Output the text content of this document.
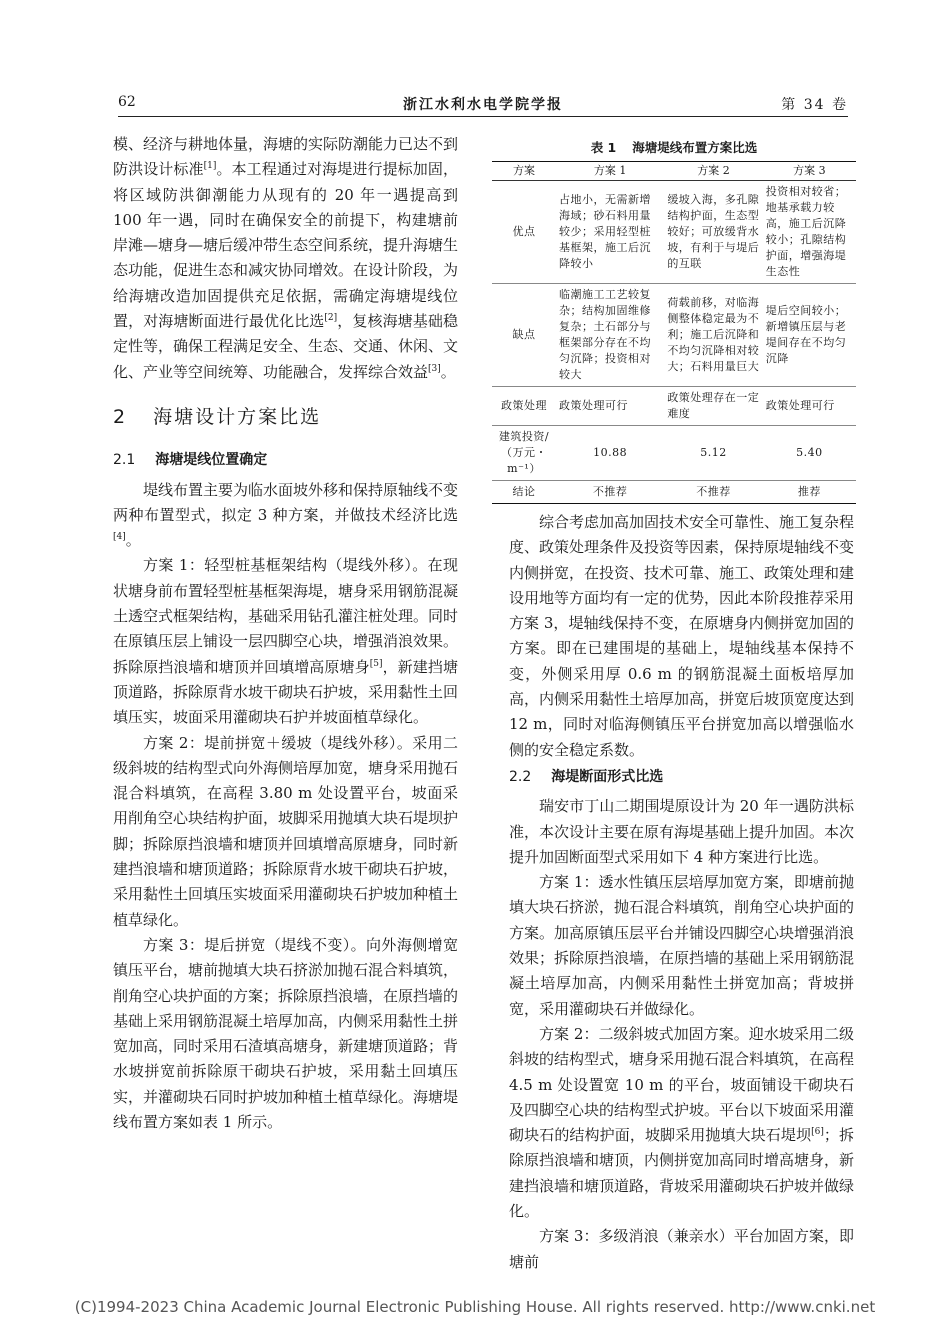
62	浙江水利水电学院学报	第 34 卷

模、经济与耕地体量，海塘的实际防潮能力已达不到防洪设计标准[1]。本工程通过对海堤进行提标加固，将区域防洪御潮能力从现有的 20 年一遇提高到 100 年一遇，同时在确保安全的前提下，构建塘前岸滩—塘身—塘后缓冲带生态空间系统，提升海塘生态功能，促进生态和减灾协同增效。在设计阶段，为给海塘改造加固提供充足依据，需确定海塘堤线位置，对海塘断面进行最优化比选[2]，复核海塘基础稳定性等，确保工程满足安全、生态、交通、休闲、文化、产业等空间统筹、功能融合，发挥综合效益[3]。

2 海塘设计方案比选
2.1 海塘堤线位置确定

堤线布置主要为临水面坡外移和保持原轴线不变两种布置型式，拟定 3 种方案，并做技术经济比选[4]。

方案 1：轻型桩基框架结构（堤线外移）。在现状塘身前布置轻型桩基框架海堤，塘身采用钢筋混凝土透空式框架结构，基础采用钻孔灌注桩处理。同时在原镇压层上铺设一层四脚空心块，增强消浪效果。拆除原挡浪墙和塘顶并回填增高原塘身[5]，新建挡塘顶道路，拆除原背水坡干砌块石护坡，采用黏性土回填压实，坡面采用灌砌块石护并坡面植草绿化。

方案 2：堤前拼宽＋缓坡（堤线外移）。采用二级斜坡的结构型式向外海侧培厚加宽，塘身采用抛石混合料填筑，在高程 3.80 m 处设置平台，坡面采用削角空心块结构护面，坡脚采用抛填大块石堤坝护脚；拆除原挡浪墙和塘顶并回填增高原塘身，同时新建挡浪墙和塘顶道路；拆除原背水坡干砌块石护坡，采用黏性土回填压实坡面采用灌砌块石护坡加种植土植草绿化。

方案 3：堤后拼宽（堤线不变）。向外海侧增宽镇压平台，塘前抛填大块石挤淤加抛石混合料填筑，削角空心块护面的方案；拆除原挡浪墙，在原挡墙的基础上采用钢筋混凝土培厚加高，内侧采用黏性土拼宽加高，同时采用石渣填高塘身，新建塘顶道路；背水坡拼宽前拆除原干砌块石护坡，采用黏土回填压实，并灌砌块石同时护坡加种植土植草绿化。海塘堤线布置方案如表 1 所示。

表 1 海塘堤线布置方案比选
方案	方案 1	方案 2	方案 3
优点	占地小，无需新增海域；砂石料用量较少；采用轻型桩基框架，施工后沉降较小	缓坡入海，多孔隙结构护面，生态型较好；可放缓背水坡，有利于与堤后的互联	投资相对较省；地基承载力较高，施工后沉降较小；孔隙结构护面，增强海堤生态性
缺点	临潮施工工艺较复杂；结构加固维修复杂；土石部分与框架部分存在不均匀沉降；投资相对较大	荷载前移，对临海侧整体稳定最为不利；施工后沉降和不均匀沉降相对较大；石料用量巨大	堤后空间较小；新增镇压层与老堤间存在不均匀沉降
政策处理	政策处理可行	政策处理存在一定难度	政策处理可行
建筑投资/（万元・m⁻¹）	10.88	5.12	5.40
结论	不推荐	不推荐	推荐

综合考虑加高加固技术安全可靠性、施工复杂程度、政策处理条件及投资等因素，保持原堤轴线不变内侧拼宽，在投资、技术可靠、施工、政策处理和建设用地等方面均有一定的优势，因此本阶段推荐采用方案 3，堤轴线保持不变，在原塘身内侧拼宽加固的方案。即在已建围堤的基础上，堤轴线基本保持不变，外侧采用厚 0.6 m 的钢筋混凝土面板培厚加高，内侧采用黏性土培厚加高，拼宽后坡顶宽度达到 12 m，同时对临海侧镇压平台拼宽加高以增强临水侧的安全稳定系数。

2.2 海堤断面形式比选

瑞安市丁山二期围堤原设计为 20 年一遇防洪标准，本次设计主要在原有海堤基础上提升加固。本次提升加固断面型式采用如下 4 种方案进行比选。

方案 1：透水性镇压层培厚加宽方案，即塘前抛填大块石挤淤，抛石混合料填筑，削角空心块护面的方案。加高原镇压层平台并铺设四脚空心块增强消浪效果；拆除原挡浪墙，在原挡墙的基础上采用钢筋混凝土培厚加高，内侧采用黏性土拼宽加高；背坡拼宽，采用灌砌块石并做绿化。

方案 2：二级斜坡式加固方案。迎水坡采用二级斜坡的结构型式，塘身采用抛石混合料填筑，在高程 4.5 m 处设置宽 10 m 的平台，坡面铺设干砌块石及四脚空心块的结构型式护坡。平台以下坡面采用灌砌块石的结构护面，坡脚采用抛填大块石堤坝[6]；拆除原挡浪墙和塘顶，内侧拼宽加高同时增高塘身，新建挡浪墙和塘顶道路，背坡采用灌砌块石护坡并做绿化。

方案 3：多级消浪（兼亲水）平台加固方案，即塘前

(C)1994-2023 China Academic Journal Electronic Publishing House. All rights reserved. http://www.cnki.net
